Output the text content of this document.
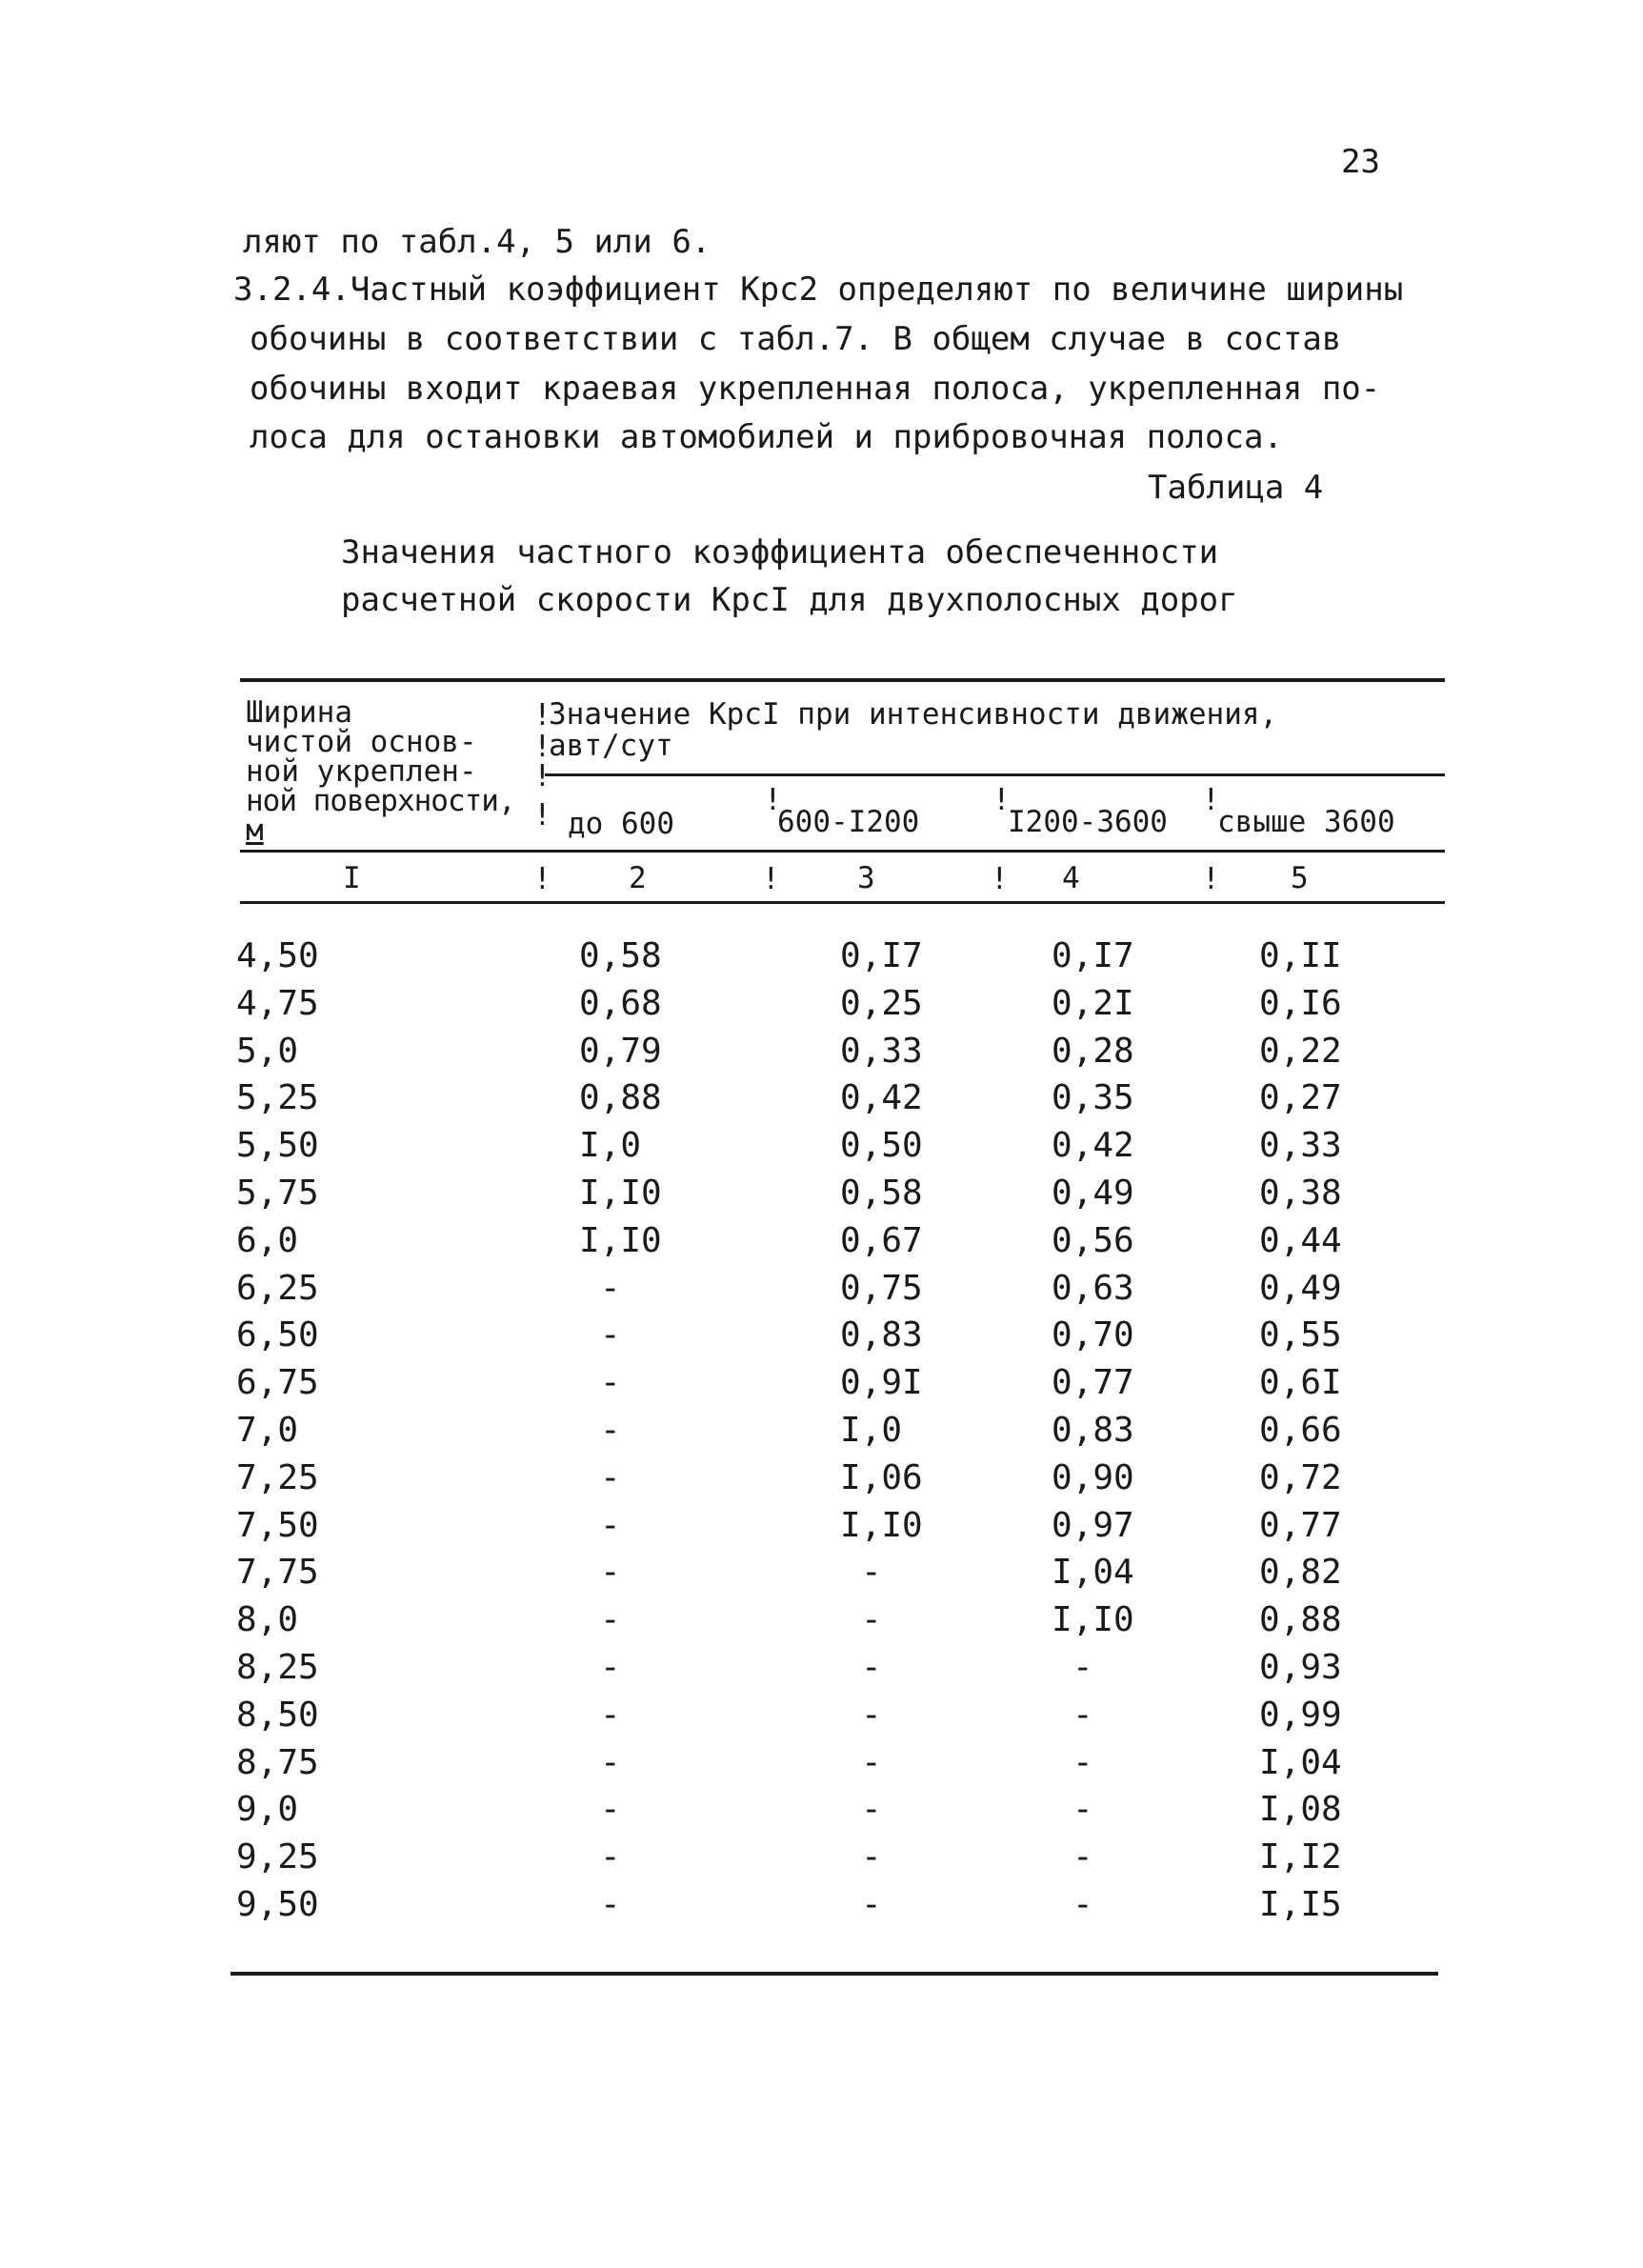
23
ляют по табл.4, 5 или 6.
3.2.4.Частный коэффициент Крс2 определяют по величине ширины
обочины в соответствии с табл.7. В общем случае в состав
обочины входит краевая укрепленная полоса, укрепленная по-
лоса для остановки автомобилей и прибровочная полоса.
Таблица 4
Значения частного коэффициента обеспеченности
расчетной скорости КрсI для двухполосных дорог
Ширина
чистой основ-
ной укреплен-
ной поверхности,
м
Значение КрсI при интенсивности движения,
авт/сут
!
!
!
!	!	!	!
до 600	600-I200	I200-3600 свыше 3600
I	2	3	4	5
!	!	!	!
4,50	0,58	0,I7	0,I7	0,II
4,75	0,68	0,25	0,2I	0,I6
5,0	0,79	0,33	0,28	0,22
5,25	0,88	0,42	0,35	0,27
5,50	I,0	0,50	0,42	0,33
5,75	I,I0	0,58	0,49	0,38
6,0	I,I0	0,67	0,56	0,44
6,25	-	0,75	0,63	0,49
6,50	-	0,83	0,70	0,55
6,75	-	0,9I	0,77	0,6I
7,0	-	I,0	0,83	0,66
7,25	-	I,06	0,90	0,72
7,50	-	I,I0	0,97	0,77
7,75	-	-	I,04	0,82
8,0	-	-	I,I0	0,88
8,25	-	-	-	0,93
8,50	-	-	-	0,99
8,75	-	-	-	I,04
9,0	-	-	-	I,08
9,25	-	-	-	I,I2
9,50	-	-	-	I,I5
